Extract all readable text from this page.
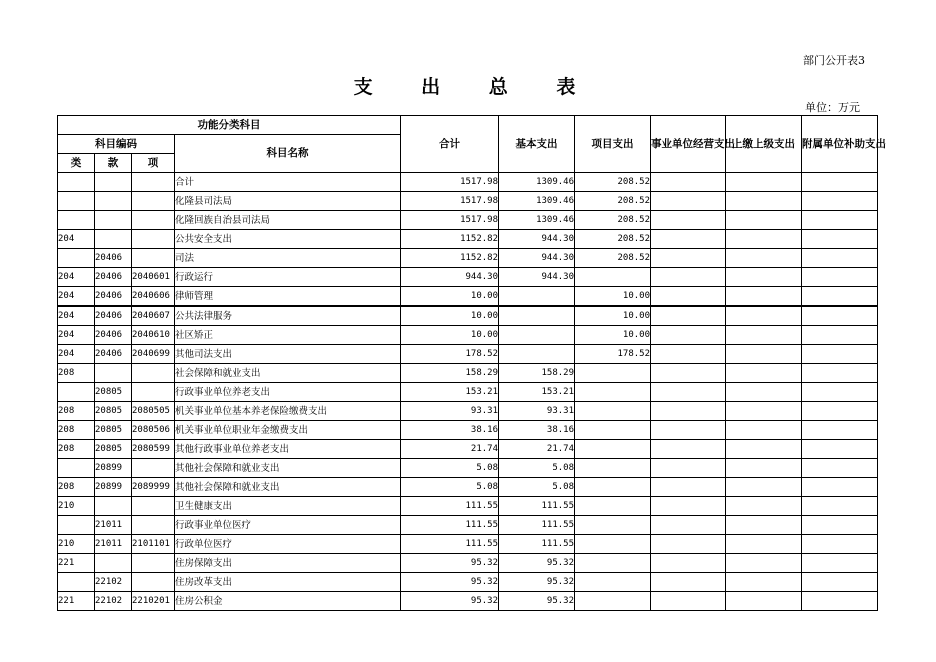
部门公开表3
支 出 总 表
单位：万元
功能分类科目				合计	基本支出	项目支出	事业单位经营支出	上缴上级支出	附属单位补助支出
科目编码			科目名称						
类	款	项							
			合计	1517.98	1309.46	208.52			
			化隆县司法局	1517.98	1309.46	208.52			
			化隆回族自治县司法局	1517.98	1309.46	208.52			
204			公共安全支出	1152.82	944.30	208.52			
	20406		司法	1152.82	944.30	208.52			
204	20406	2040601	行政运行	944.30	944.30				
204	20406	2040606	律师管理	10.00		10.00			
204	20406	2040607	公共法律服务	10.00		10.00			
204	20406	2040610	社区矫正	10.00		10.00			
204	20406	2040699	其他司法支出	178.52		178.52			
208			社会保障和就业支出	158.29	158.29				
	20805		行政事业单位养老支出	153.21	153.21				
208	20805	2080505	机关事业单位基本养老保险缴费支出	93.31	93.31				
208	20805	2080506	机关事业单位职业年金缴费支出	38.16	38.16				
208	20805	2080599	其他行政事业单位养老支出	21.74	21.74				
	20899		其他社会保障和就业支出	5.08	5.08				
208	20899	2089999	其他社会保障和就业支出	5.08	5.08				
210			卫生健康支出	111.55	111.55				
	21011		行政事业单位医疗	111.55	111.55				
210	21011	2101101	行政单位医疗	111.55	111.55				
221			住房保障支出	95.32	95.32				
	22102		住房改革支出	95.32	95.32				
221	22102	2210201	住房公积金	95.32	95.32				
